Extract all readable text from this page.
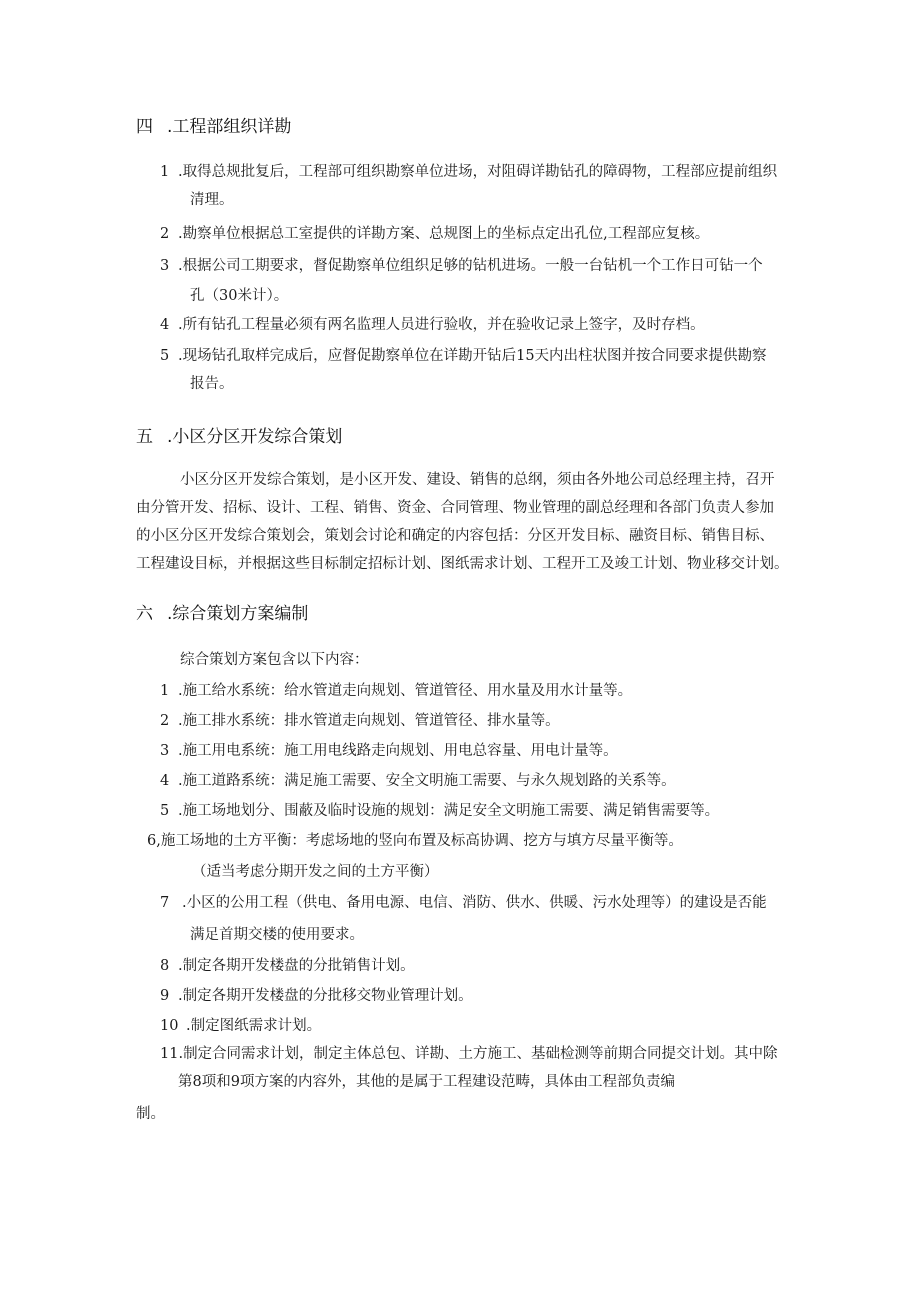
四 .工程部组织详勘
1 .取得总规批复后，工程部可组织勘察单位进场，对阻碍详勘钻孔的障碍物，工程部应提前组织
清理。
2 .勘察单位根据总工室提供的详勘方案、总规图上的坐标点定出孔位,工程部应复核。
3 .根据公司工期要求，督促勘察单位组织足够的钻机进场。一般一台钻机一个工作日可钻一个
孔（30米计）。
4 .所有钻孔工程量必须有两名监理人员进行验收，并在验收记录上签字，及时存档。
5 .现场钻孔取样完成后，应督促勘察单位在详勘开钻后15天内出柱状图并按合同要求提供勘察
报告。
五 .小区分区开发综合策划
小区分区开发综合策划，是小区开发、建设、销售的总纲，须由各外地公司总经理主持，召开
由分管开发、招标、设计、工程、销售、资金、合同管理、物业管理的副总经理和各部门负责人参加
的小区分区开发综合策划会，策划会讨论和确定的内容包括：分区开发目标、融资目标、销售目标、
工程建设目标，并根据这些目标制定招标计划、图纸需求计划、工程开工及竣工计划、物业移交计划。
六 .综合策划方案编制
综合策划方案包含以下内容：
1 .施工给水系统：给水管道走向规划、管道管径、用水量及用水计量等。
2 .施工排水系统：排水管道走向规划、管道管径、排水量等。
3 .施工用电系统：施工用电线路走向规划、用电总容量、用电计量等。
4 .施工道路系统：满足施工需要、安全文明施工需要、与永久规划路的关系等。
5 .施工场地划分、围蔽及临时设施的规划：满足安全文明施工需要、满足销售需要等。
6,施工场地的土方平衡：考虑场地的竖向布置及标高协调、挖方与填方尽量平衡等。
（适当考虑分期开发之间的土方平衡）
7 .小区的公用工程（供电、备用电源、电信、消防、供水、供暖、污水处理等）的建设是否能
满足首期交楼的使用要求。
8 .制定各期开发楼盘的分批销售计划。
9 .制定各期开发楼盘的分批移交物业管理计划。
10 .制定图纸需求计划。
11.制定合同需求计划，制定主体总包、详勘、土方施工、基础检测等前期合同提交计划。其中除
第8项和9项方案的内容外，其他的是属于工程建设范畴，具体由工程部负责编
制。
